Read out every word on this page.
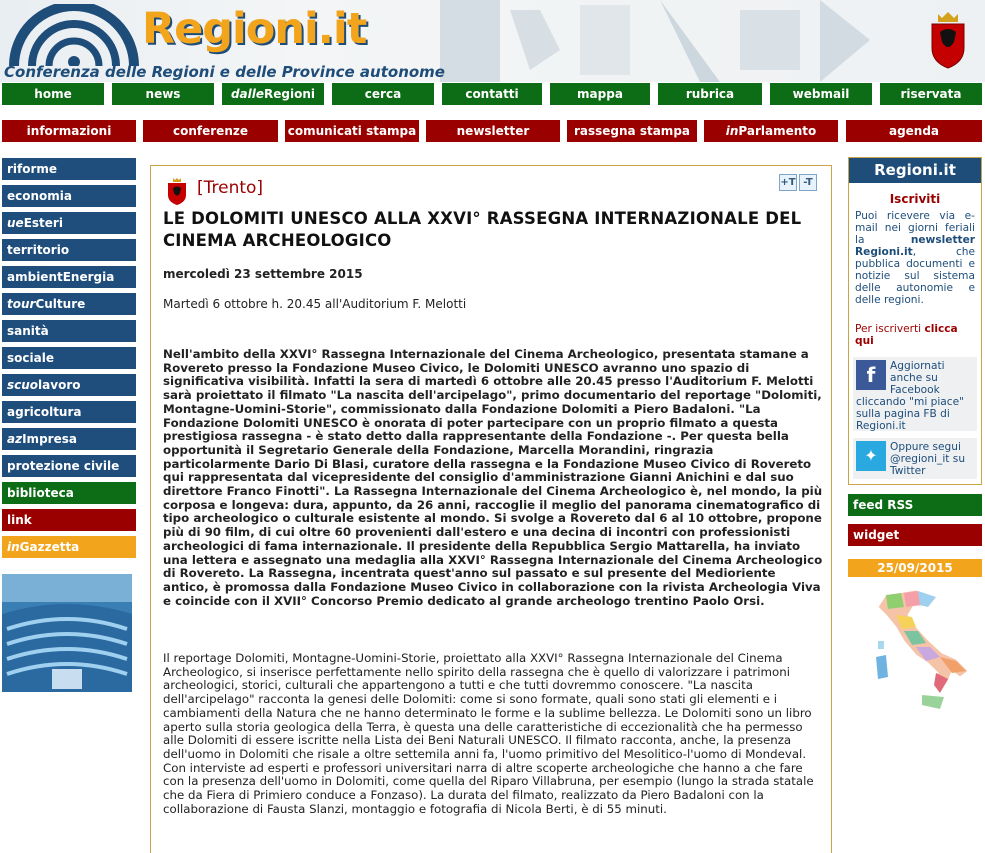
Regioni.it
Conferenza delle Regioni e delle Province autonome
home	news	dalleRegioni	cerca	contatti	mappa	rubrica	webmail	riservata
informazioni	conferenze	comunicati stampa	newsletter	rassegna stampa	inParlamento	agenda
riforme
economia
ueEsteri
territorio
ambientEnergia
tourCulture
sanità
sociale
scuolavoro
agricoltura
azImpresa
protezione civile
biblioteca
link
inGazzetta
[Trento]	+T -T
LE DOLOMITI UNESCO ALLA XXVI° RASSEGNA INTERNAZIONALE DEL CINEMA ARCHEOLOGICO
mercoledì 23 settembre 2015
Martedì 6 ottobre h. 20.45 all'Auditorium F. Melotti

Nell'ambito della XXVI° Rassegna Internazionale del Cinema Archeologico, presentata stamane a Rovereto presso la Fondazione Museo Civico, le Dolomiti UNESCO avranno uno spazio di significativa visibilità. Infatti la sera di martedì 6 ottobre alle 20.45 presso l'Auditorium F. Melotti sarà proiettato il filmato "La nascita dell'arcipelago", primo documentario del reportage "Dolomiti, Montagne-Uomini-Storie", commissionato dalla Fondazione Dolomiti a Piero Badaloni. "La Fondazione Dolomiti UNESCO è onorata di poter partecipare con un proprio filmato a questa prestigiosa rassegna - è stato detto dalla rappresentante della Fondazione -. Per questa bella opportunità il Segretario Generale della Fondazione, Marcella Morandini, ringrazia particolarmente Dario Di Blasi, curatore della rassegna e la Fondazione Museo Civico di Rovereto qui rappresentata dal vicepresidente del consiglio d'amministrazione Gianni Anichini e dal suo direttore Franco Finotti". La Rassegna Internazionale del Cinema Archeologico è, nel mondo, la più corposa e longeva: dura, appunto, da 26 anni, raccoglie il meglio del panorama cinematografico di tipo archeologico o culturale esistente al mondo. Si svolge a Rovereto dal 6 al 10 ottobre, propone più di 90 film, di cui oltre 60 provenienti dall'estero e una decina di incontri con professionisti archeologici di fama internazionale. Il presidente della Repubblica Sergio Mattarella, ha inviato una lettera e assegnato una medaglia alla XXVI° Rassegna Internazionale del Cinema Archeologico di Rovereto. La Rassegna, incentrata quest'anno sul passato e sul presente del Medioriente antico, è promossa dalla Fondazione Museo Civico in collaborazione con la rivista Archeologia Viva e coincide con il XVII° Concorso Premio dedicato al grande archeologo trentino Paolo Orsi.

Il reportage Dolomiti, Montagne-Uomini-Storie, proiettato alla XXVI° Rassegna Internazionale del Cinema Archeologico, si inserisce perfettamente nello spirito della rassegna che è quello di valorizzare i patrimoni archeologici, storici, culturali che appartengono a tutti e che tutti dovremmo conoscere. "La nascita dell'arcipelago" racconta la genesi delle Dolomiti: come si sono formate, quali sono stati gli elementi e i cambiamenti della Natura che ne hanno determinato le forme e la sublime bellezza. Le Dolomiti sono un libro aperto sulla storia geologica della Terra, è questa una delle caratteristiche di eccezionalità che ha permesso alle Dolomiti di essere iscritte nella Lista dei Beni Naturali UNESCO. Il filmato racconta, anche, la presenza dell'uomo in Dolomiti che risale a oltre settemila anni fa, l'uomo primitivo del Mesolitico-l'uomo di Mondeval. Con interviste ad esperti e professori universitari narra di altre scoperte archeologiche che hanno a che fare con la presenza dell'uomo in Dolomiti, come quella del Riparo Villabruna, per esempio (lungo la strada statale che da Fiera di Primiero conduce a Fonzaso). La durata del filmato, realizzato da Piero Badaloni con la collaborazione di Fausta Slanzi, montaggio e fotografia di Nicola Berti, è di 55 minuti.

Regioni.it
Iscriviti
Puoi ricevere via e-mail nei giorni feriali la newsletter Regioni.it, che pubblica documenti e notizie sul sistema delle autonomie e delle regioni.
Per iscriverti clicca qui
f	Aggiornati anche su Facebook cliccando "mi piace" sulla pagina FB di Regioni.it
✦	Oppure segui @regioni_it su Twitter
feed RSS
widget
25/09/2015
